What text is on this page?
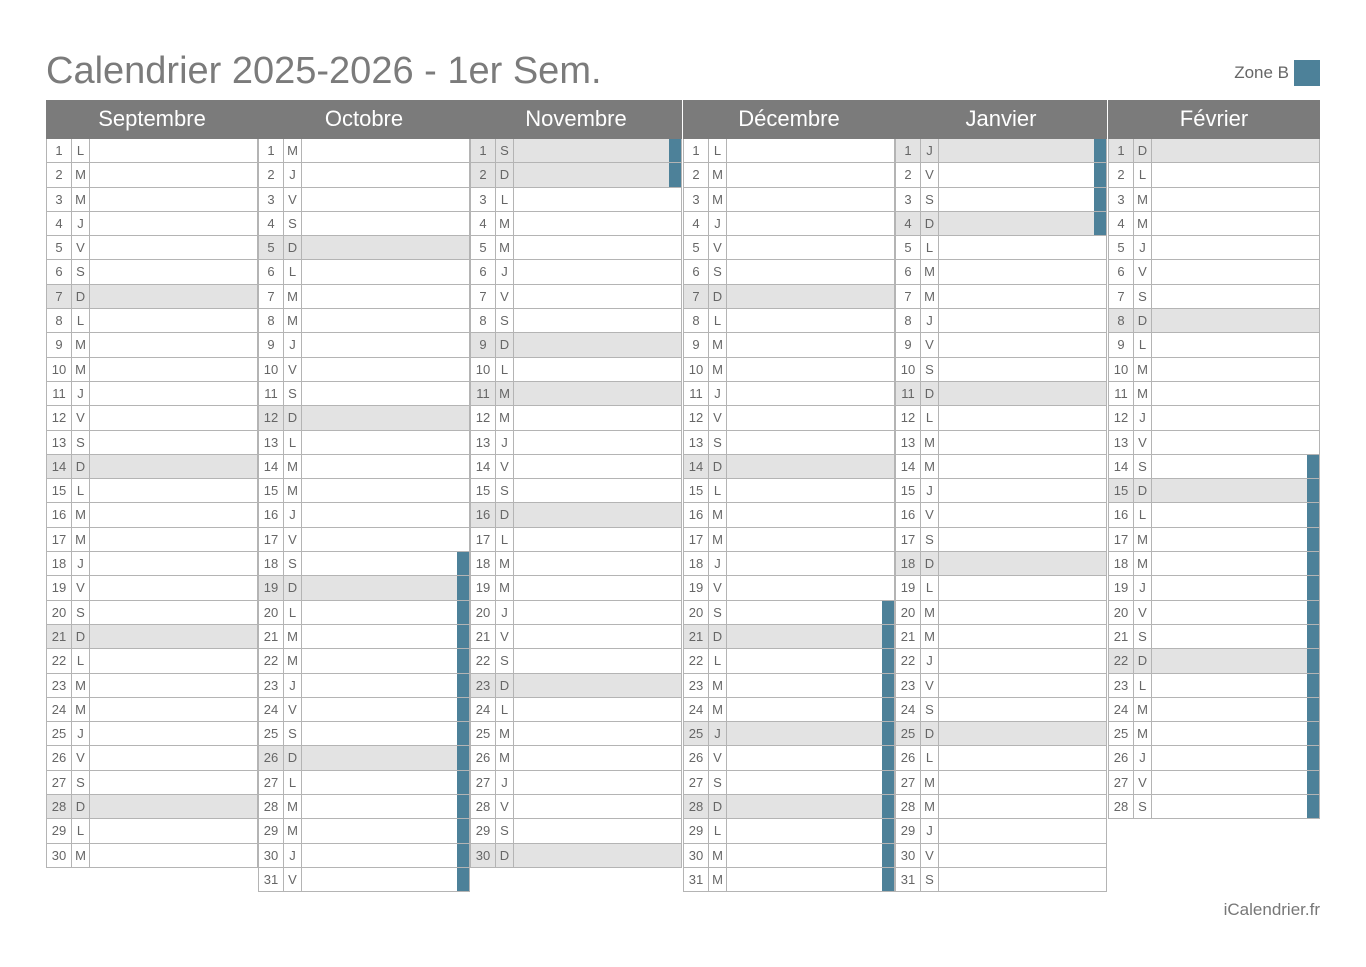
Calendrier 2025-2026 - 1er Sem.	Zone B
Septembre
1	L
2 M
3 M
4	J
5	V
6	S
7	D
8	L
9 M
10 M
11 J
12 V
13 S
14 D
15 L
16 M
17 M
18 J
19 V
20 S
21 D
22 L
23 M
24 M
25 J
26 V
27 S
28 D
29 L
30 M
Octobre
1 M
2	J
3	V
4	S
5	D
6	L
7 M
8 M
9	J
10 V
11 S
12 D
13 L
14 M
15 M
16 J
17 V
18 S
19 D
20 L
21 M
22 M
23 J
24 V
25 S
26 D
27 L
28 M
29 M
30 J
31 V
Novembre
1	S
2	D
3	L
4 M
5 M
6	J
7	V
8	S
9	D
10 L
11 M
12 M
13 J
14 V
15 S
16 D
17 L
18 M
19 M
20 J
21 V
22 S
23 D
24 L
25 M
26 M
27 J
28 V
29 S
30 D
Décembre
1	L
2 M
3 M
4	J
5	V
6	S
7	D
8	L
9 M
10 M
11 J
12 V
13 S
14 D
15 L
16 M
17 M
18 J
19 V
20 S
21 D
22 L
23 M
24 M
25 J
26 V
27 S
28 D
29 L
30 M
31 M
Janvier
1	J
2	V
3	S
4	D
5	L
6 M
7 M
8	J
9	V
10 S
11 D
12 L
13 M
14 M
15 J
16 V
17 S
18 D
19 L
20 M
21 M
22 J
23 V
24 S
25 D
26 L
27 M
28 M
29 J
30 V
31 S
Février
1	D
2	L
3 M
4 M
5	J
6	V
7	S
8	D
9	L
10 M
11 M
12 J
13 V
14 S
15 D
16 L
17 M
18 M
19 J
20 V
21 S
22 D
23 L
24 M
25 M
26 J
27 V
28 S
iCalendrier.fr
